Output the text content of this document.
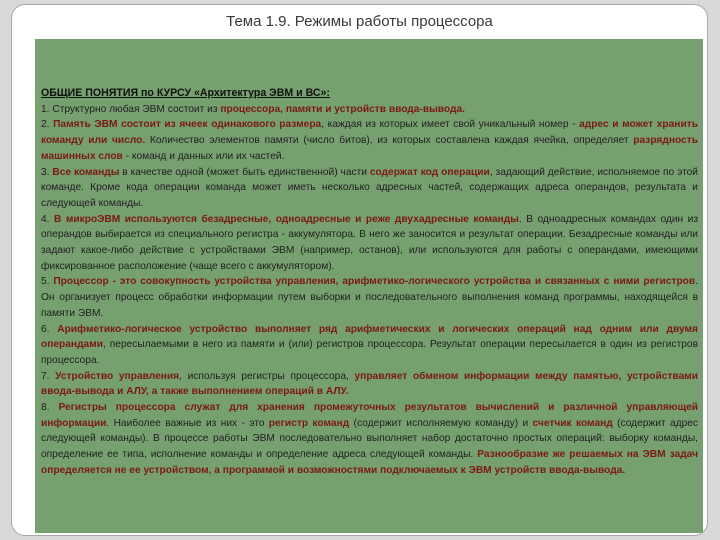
Тема 1.9. Режимы работы процессора
ОБЩИЕ ПОНЯТИЯ по КУРСУ «Архитектура ЭВМ и ВС»:

1. Структурно любая ЭВМ состоит из процессора, памяти и устройств ввода-вывода.

2. Память ЭВМ состоит из ячеек одинакового размера, каждая из которых имеет свой уникальный номер - адрес и может хранить команду или число. Количество элементов памяти (число битов), из которых составлена каждая ячейка, определяет разрядность машинных слов - команд и данных или их частей.

3. Все команды в качестве одной (может быть единственной) части содержат код операции, задающий действие, исполняемое по этой команде. Кроме кода операции команда может иметь несколько адресных частей, содержащих адреса операндов, результата и следующей команды.

4. В микроЭВМ используются безадресные, одноадресные и реже двухадресные команды. В одноадресных командах один из операндов выбирается из специального регистра - аккумулятора. В него же заносится и результат операции. Безадресные команды или задают какое-либо действие с устройствами ЭВМ (например, останов), или используются для работы с операндами, имеющими фиксированное расположение (чаще всего с аккумулятором).

5. Процессор - это совокупность устройства управления, арифметико-логического устройства и связанных с ними регистров. Он организует процесс обработки информации путем выборки и последовательного выполнения команд программы, находящейся в памяти ЭВМ.

6. Арифметико-логическое устройство выполняет ряд арифметических и логических операций над одним или двумя операндами, пересылаемыми в него из памяти и (или) регистров процессора. Результат операции пересылается в один из регистров процессора.

7. Устройство управления, используя регистры процессора, управляет обменом информации между памятью, устройствами ввода-вывода и АЛУ, а также выполнением операций в АЛУ.

8. Регистры процессора служат для хранения промежуточных результатов вычислений и различной управляющей информации. Наиболее важные из них - это регистр команд (содержит исполняемую команду) и счетчик команд (содержит адрес следующей команды). В процессе работы ЭВМ последовательно выполняет набор достаточно простых операций: выборку команды, определение ее типа, исполнение команды и определение адреса следующей команды. Разнообразие же решаемых на ЭВМ задач определяется не ее устройством, а программой и возможностями подключаемых к ЭВМ устройств ввода-вывода.
